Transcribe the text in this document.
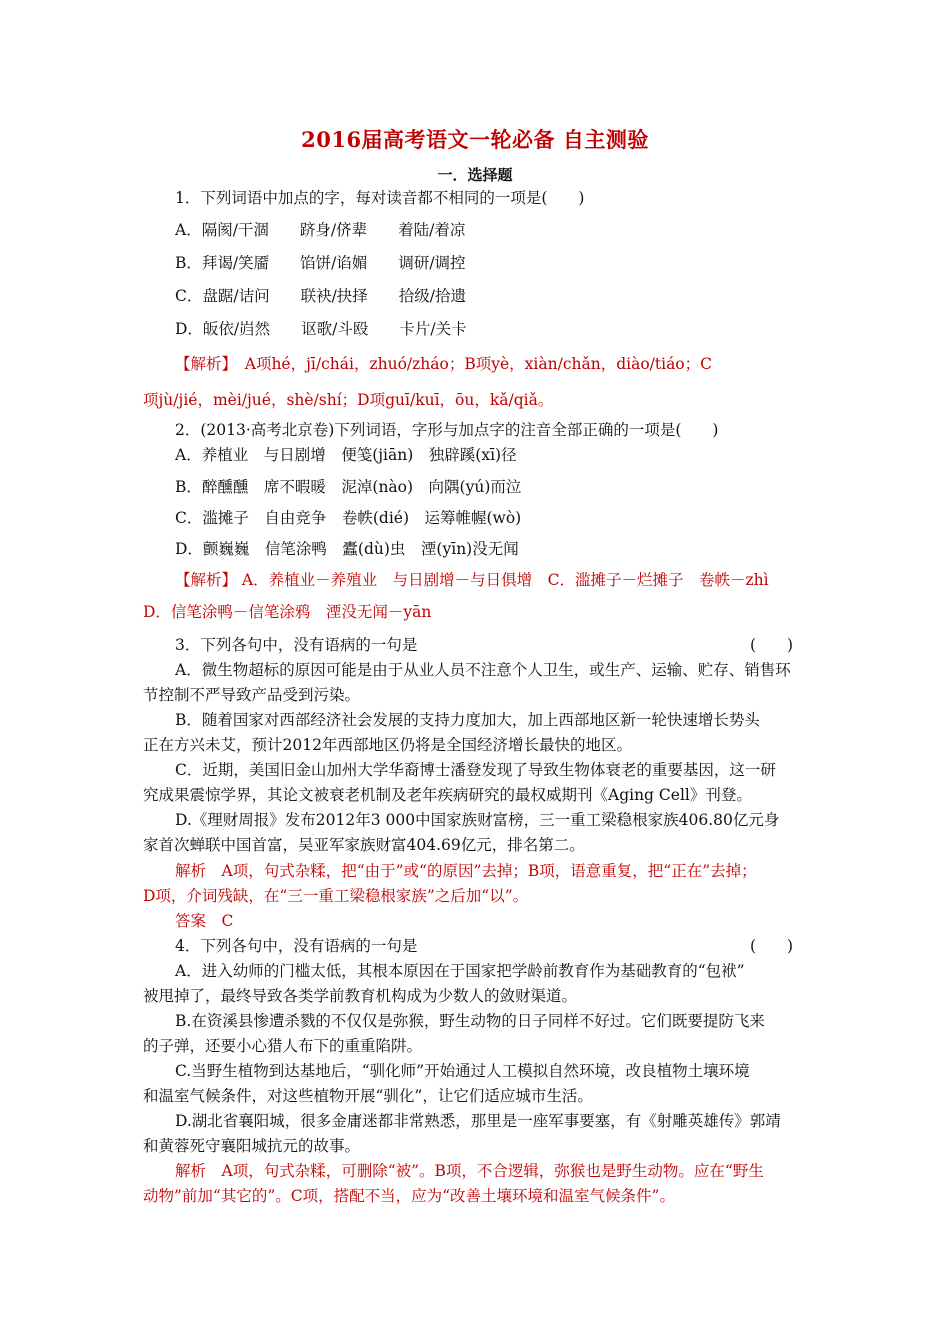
2016届高考语文一轮必备 自主测验
一．选择题
1．下列词语中加点的字，每对读音都不相同的一项是(　　)
A．隔阂/干涸　　跻身/侪辈　　着陆/着凉
B．拜谒/笑靥　　馅饼/谄媚　　调研/调控
C．盘踞/诘问　　联袂/抉择　　拾级/拾遗
D．皈依/岿然　　讴歌/斗殴　　卡片/关卡
【解析】　A项hé，jī/chái，zhuó/zháo；B项yè，xiàn/chǎn，diào/tiáo；C
项jù/jié，mèi/jué，shè/shí；D项guī/kuī，ōu，kǎ/qiǎ。
2．(2013·高考北京卷)下列词语，字形与加点字的注音全部正确的一项是(　　)
A．养植业　与日剧增　便笺(jiān)　独辟蹊(xī)径
B．醉醺醺　席不暇暖　泥淖(nào)　向隅(yú)而泣
C．滥摊子　自由竞争　卷帙(dié)　运筹帷幄(wò)
D．颤巍巍　信笔涂鸭　蠹(dù)虫　湮(yīn)没无闻
【解析】 A．养植业－养殖业　与日剧增－与日俱增　C．滥摊子－烂摊子　卷帙－zhì
D．信笔涂鸭－信笔涂鸦　湮没无闻－yān
3．下列各句中，没有语病的一句是	(　　)
A．微生物超标的原因可能是由于从业人员不注意个人卫生，或生产、运输、贮存、销售环
节控制不严导致产品受到污染。
B．随着国家对西部经济社会发展的支持力度加大，加上西部地区新一轮快速增长势头
正在方兴未艾，预计2012年西部地区仍将是全国经济增长最快的地区。
C．近期，美国旧金山加州大学华裔博士潘登发现了导致生物体衰老的重要基因，这一研
究成果震惊学界，其论文被衰老机制及老年疾病研究的最权威期刊《Aging Cell》刊登。
D.《理财周报》发布2012年3 000中国家族财富榜，三一重工梁稳根家族406.80亿元身
家首次蝉联中国首富，吴亚军家族财富404.69亿元，排名第二。
解析　A项，句式杂糅，把“由于”或“的原因”去掉；B项，语意重复，把“正在”去掉；
D项，介词残缺，在“三一重工梁稳根家族”之后加“以”。
答案　C
4．下列各句中，没有语病的一句是	(　　)
A．进入幼师的门槛太低，其根本原因在于国家把学龄前教育作为基础教育的“包袱”
被甩掉了，最终导致各类学前教育机构成为少数人的敛财渠道。
B.在资溪县惨遭杀戮的不仅仅是弥猴，野生动物的日子同样不好过。它们既要提防飞来
的子弹，还要小心猎人布下的重重陷阱。
C.当野生植物到达基地后，“驯化师”开始通过人工模拟自然环境，改良植物土壤环境
和温室气候条件，对这些植物开展“驯化”，让它们适应城市生活。
D.湖北省襄阳城，很多金庸迷都非常熟悉，那里是一座军事要塞，有《射雕英雄传》郭靖
和黄蓉死守襄阳城抗元的故事。
解析　A项，句式杂糅，可删除“被”。B项，不合逻辑，弥猴也是野生动物。应在“野生
动物”前加“其它的”。C项，搭配不当，应为“改善土壤环境和温室气候条件”。
